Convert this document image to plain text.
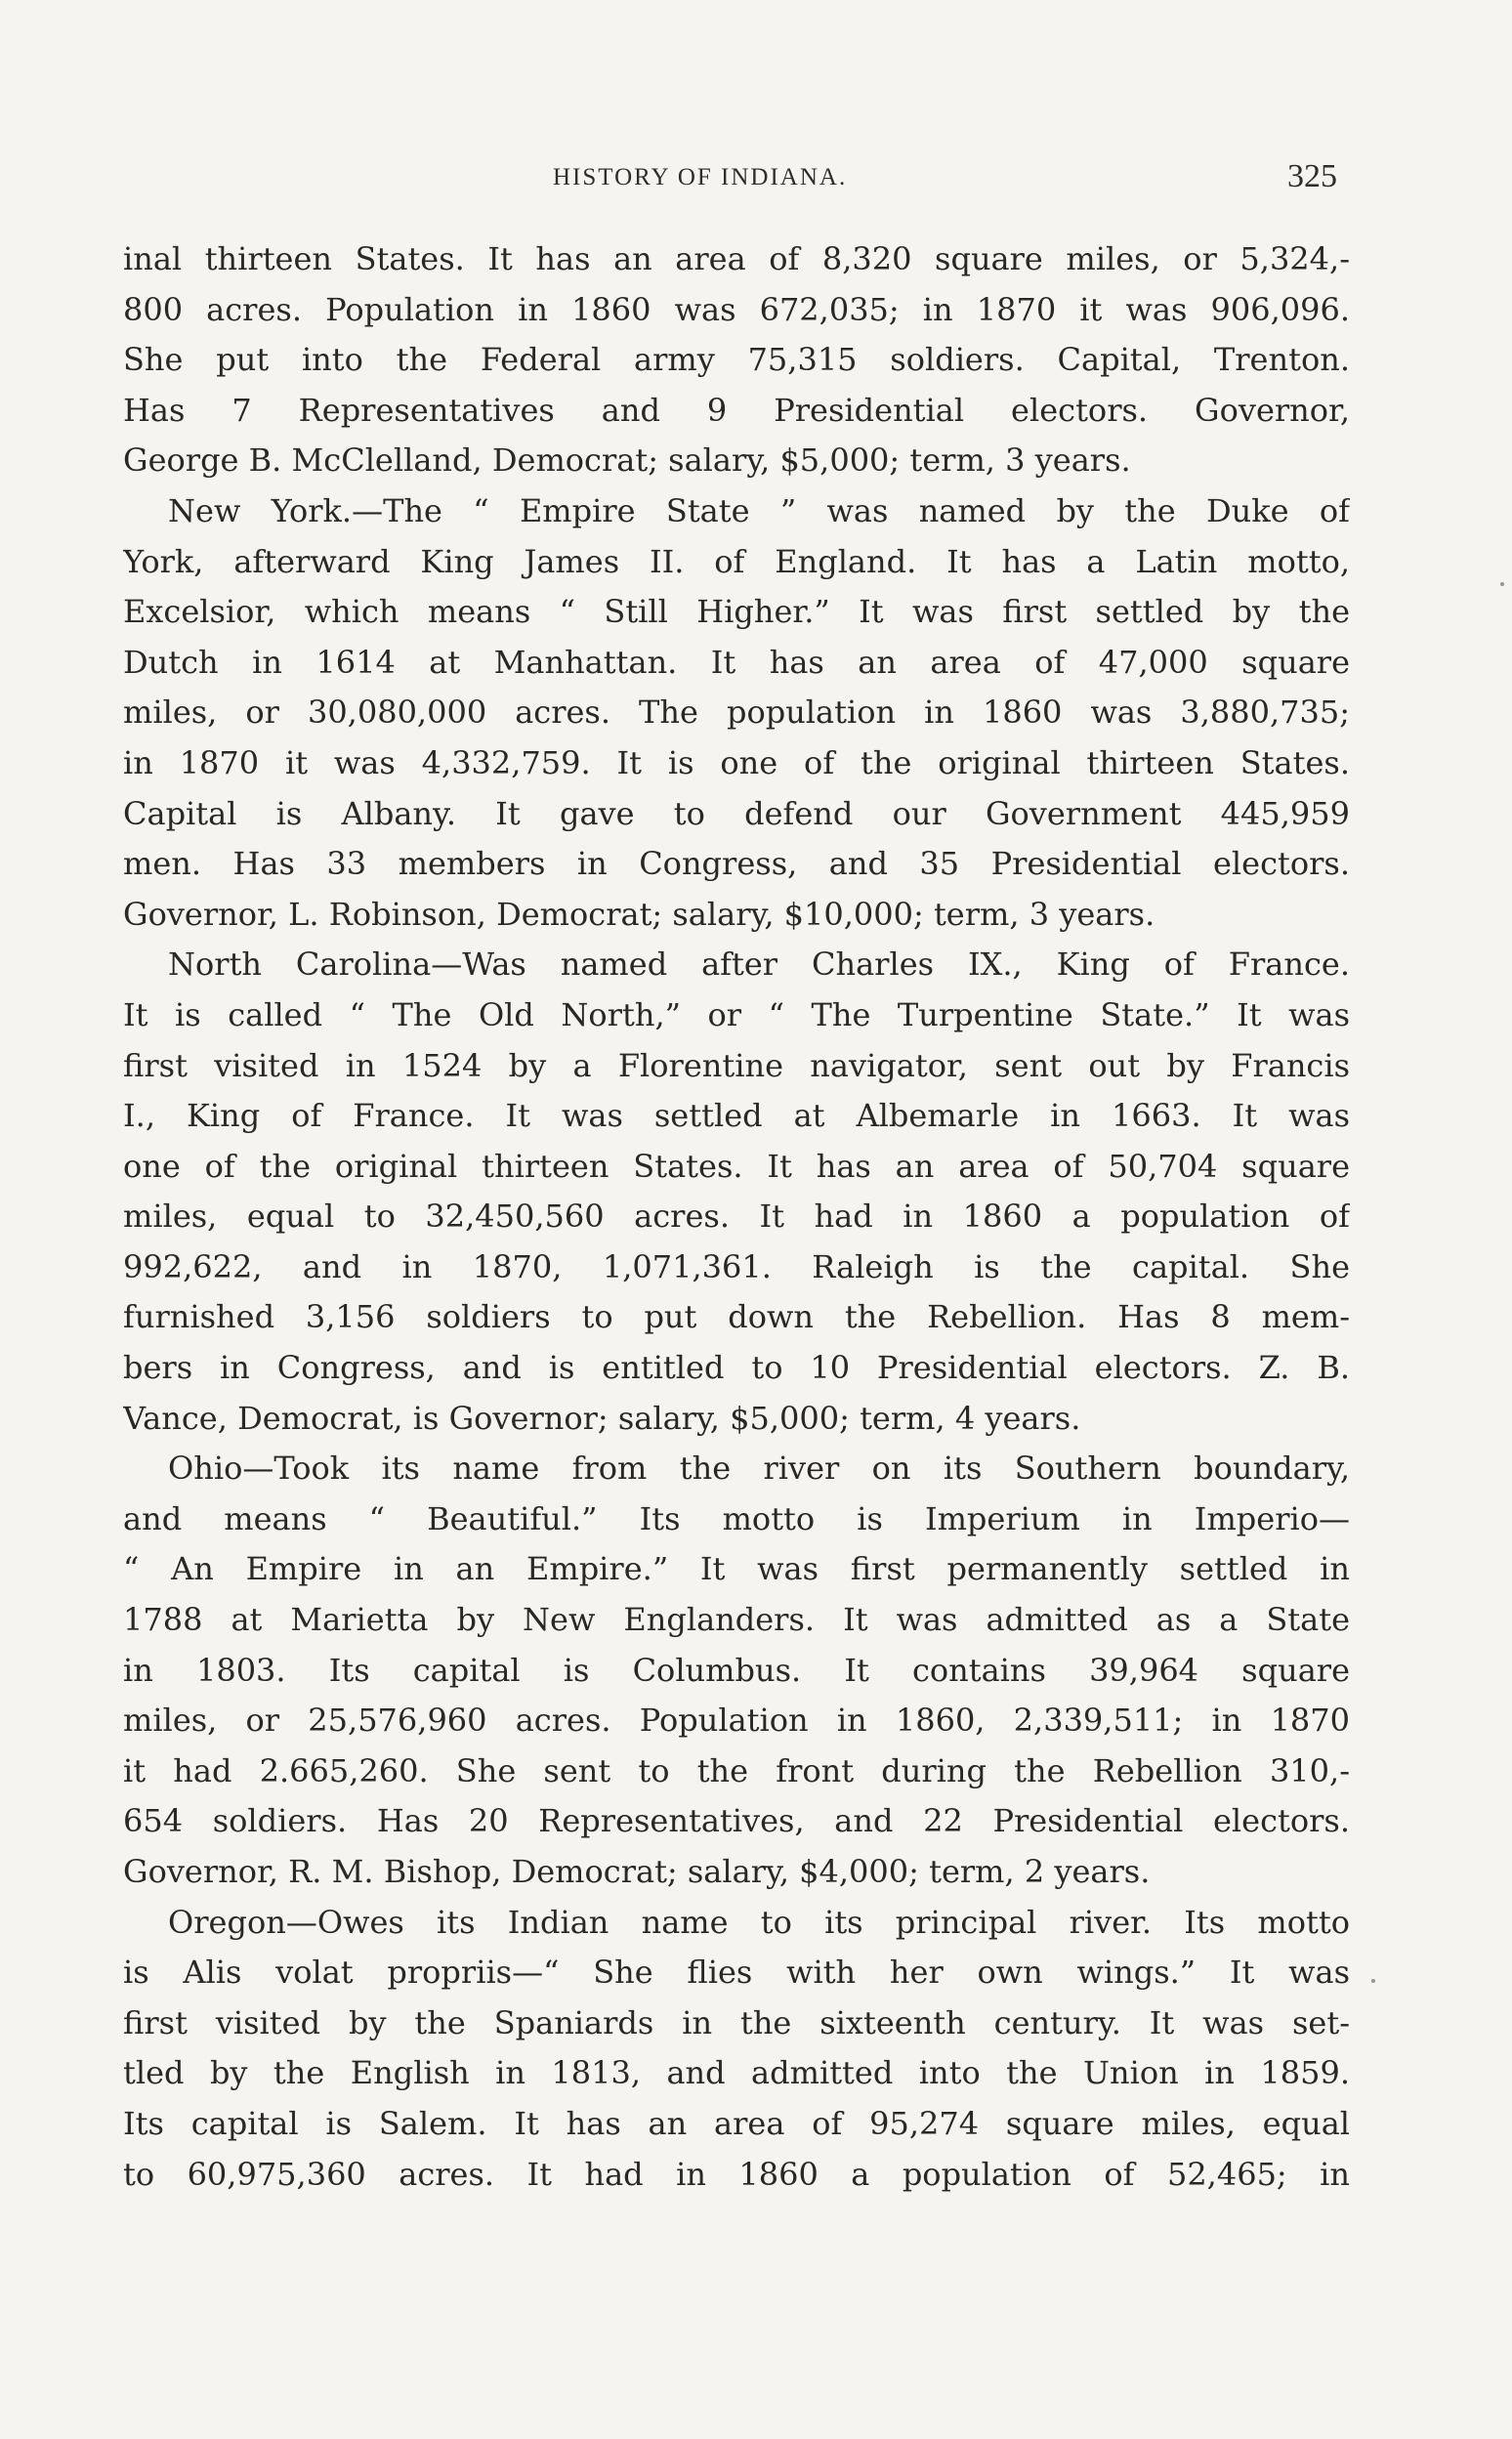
HISTORY OF INDIANA.	325
inal thirteen States. It has an area of 8,320 square miles, or 5,324,-
800 acres. Population in 1860 was 672,035; in 1870 it was 906,096.
She put into the Federal army 75,315 soldiers. Capital, Trenton.
Has 7 Representatives and 9 Presidential electors. Governor,
George B. McClelland, Democrat; salary, $5,000; term, 3 years.
New York.—The “ Empire State ” was named by the Duke of
York, afterward King James II. of England. It has a Latin motto,
Excelsior, which means “ Still Higher.” It was first settled by the
Dutch in 1614 at Manhattan. It has an area of 47,000 square
miles, or 30,080,000 acres. The population in 1860 was 3,880,735;
in 1870 it was 4,332,759. It is one of the original thirteen States.
Capital is Albany. It gave to defend our Government 445,959
men. Has 33 members in Congress, and 35 Presidential electors.
Governor, L. Robinson, Democrat; salary, $10,000; term, 3 years.
North Carolina—Was named after Charles IX., King of France.
It is called “ The Old North,” or “ The Turpentine State.” It was
first visited in 1524 by a Florentine navigator, sent out by Francis
I., King of France. It was settled at Albemarle in 1663. It was
one of the original thirteen States. It has an area of 50,704 square
miles, equal to 32,450,560 acres. It had in 1860 a population of
992,622, and in 1870, 1,071,361. Raleigh is the capital. She
furnished 3,156 soldiers to put down the Rebellion. Has 8 mem-
bers in Congress, and is entitled to 10 Presidential electors. Z. B.
Vance, Democrat, is Governor; salary, $5,000; term, 4 years.
Ohio—Took its name from the river on its Southern boundary,
and means “ Beautiful.” Its motto is Imperium in Imperio—
“ An Empire in an Empire.” It was first permanently settled in
1788 at Marietta by New Englanders. It was admitted as a State
in 1803. Its capital is Columbus. It contains 39,964 square
miles, or 25,576,960 acres. Population in 1860, 2,339,511; in 1870
it had 2.665,260. She sent to the front during the Rebellion 310,-
654 soldiers. Has 20 Representatives, and 22 Presidential electors.
Governor, R. M. Bishop, Democrat; salary, $4,000; term, 2 years.
Oregon—Owes its Indian name to its principal river. Its motto
is Alis volat propriis—“ She flies with her own wings.” It was
first visited by the Spaniards in the sixteenth century. It was set-
tled by the English in 1813, and admitted into the Union in 1859.
Its capital is Salem. It has an area of 95,274 square miles, equal
to 60,975,360 acres. It had in 1860 a population of 52,465; in
